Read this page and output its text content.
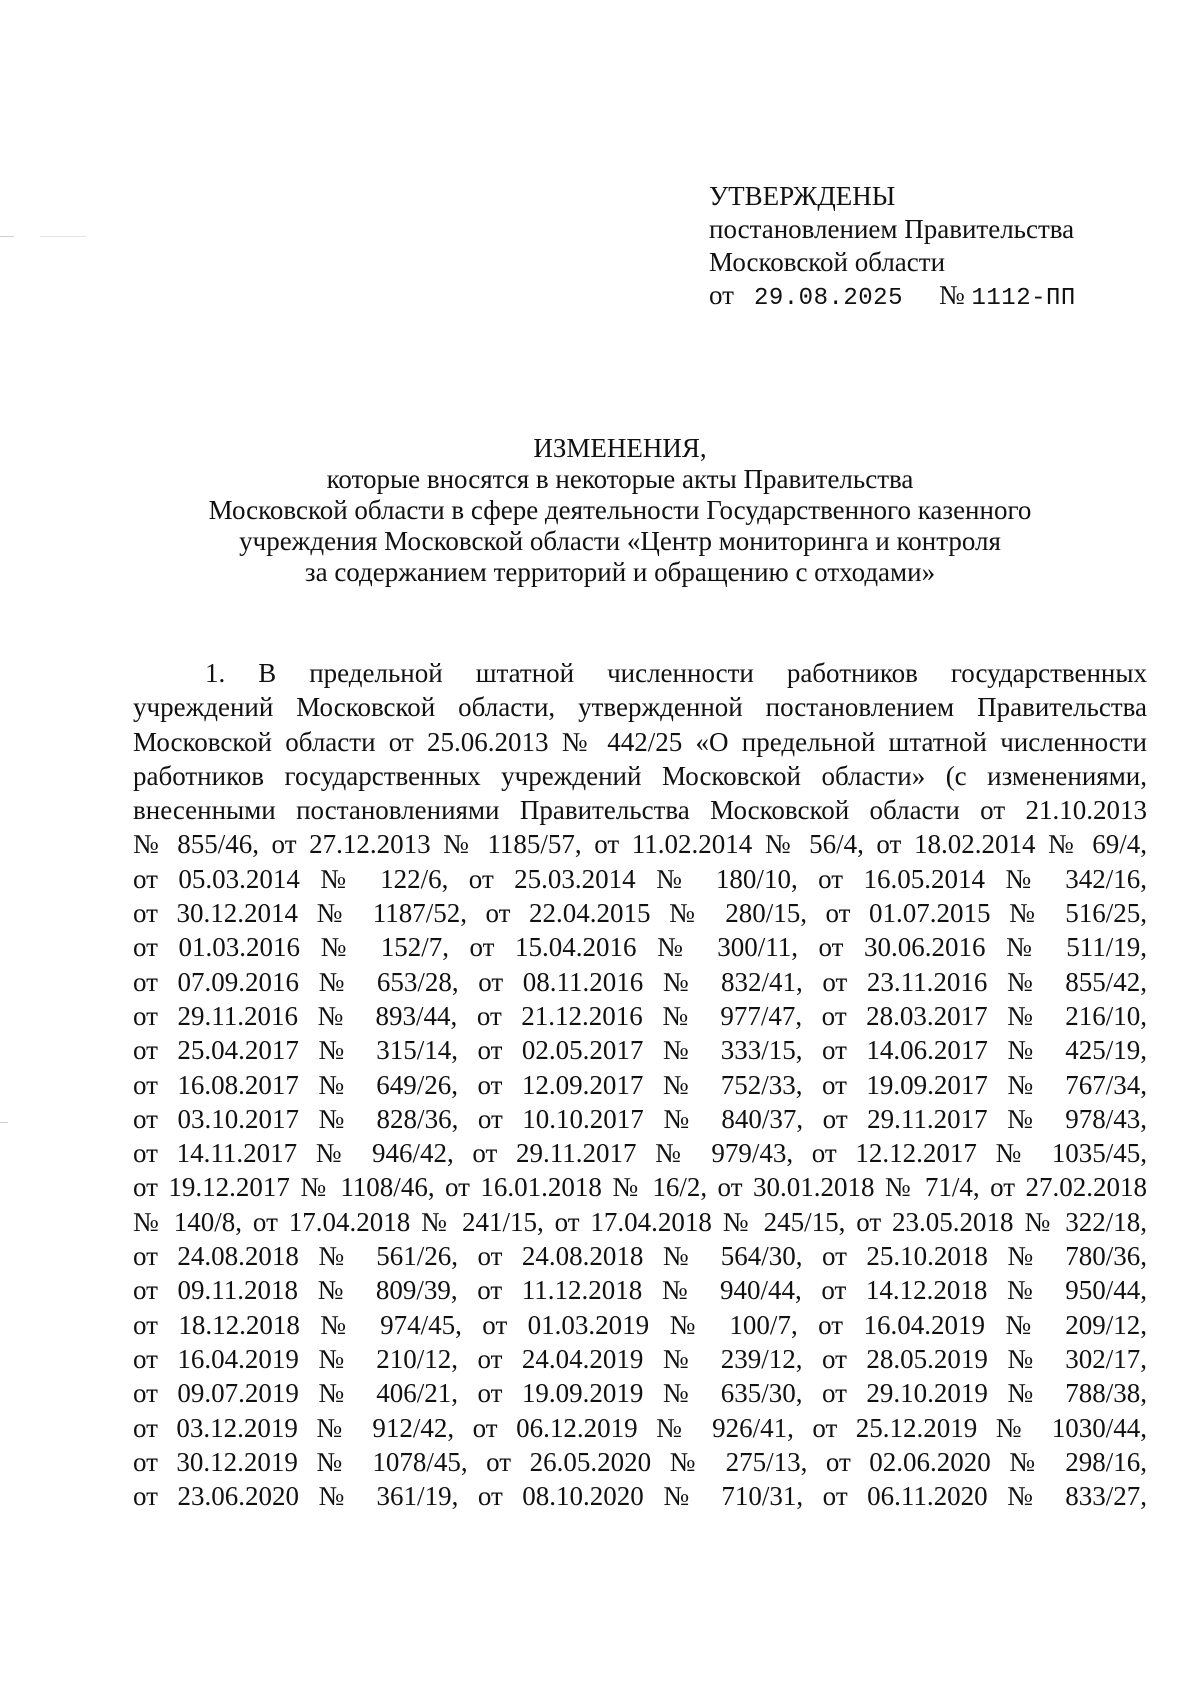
УТВЕРЖДЕНЫ
постановлением Правительства
Московской области
от 29.08.2025 № 1112-ПП
ИЗМЕНЕНИЯ,
которые вносятся в некоторые акты Правительства
Московской области в сфере деятельности Государственного казенного
учреждения Московской области «Центр мониторинга и контроля
за содержанием территорий и обращению с отходами»
1. В предельной штатной численности работников государственных
учреждений Московской области, утвержденной постановлением Правительства
Московской области от 25.06.2013 № 442/25 «О предельной штатной численности
работников государственных учреждений Московской области» (с изменениями,
внесенными постановлениями Правительства Московской области от 21.10.2013
№ 855/46, от 27.12.2013 № 1185/57, от 11.02.2014 № 56/4, от 18.02.2014 № 69/4,
от 05.03.2014 № 122/6, от 25.03.2014 № 180/10, от 16.05.2014 № 342/16,
от 30.12.2014 № 1187/52, от 22.04.2015 № 280/15, от 01.07.2015 № 516/25,
от 01.03.2016 № 152/7, от 15.04.2016 № 300/11, от 30.06.2016 № 511/19,
от 07.09.2016 № 653/28, от 08.11.2016 № 832/41, от 23.11.2016 № 855/42,
от 29.11.2016 № 893/44, от 21.12.2016 № 977/47, от 28.03.2017 № 216/10,
от 25.04.2017 № 315/14, от 02.05.2017 № 333/15, от 14.06.2017 № 425/19,
от 16.08.2017 № 649/26, от 12.09.2017 № 752/33, от 19.09.2017 № 767/34,
от 03.10.2017 № 828/36, от 10.10.2017 № 840/37, от 29.11.2017 № 978/43,
от 14.11.2017 № 946/42, от 29.11.2017 № 979/43, от 12.12.2017 № 1035/45,
от 19.12.2017 № 1108/46, от 16.01.2018 № 16/2, от 30.01.2018 № 71/4, от 27.02.2018
№ 140/8, от 17.04.2018 № 241/15, от 17.04.2018 № 245/15, от 23.05.2018 № 322/18,
от 24.08.2018 № 561/26, от 24.08.2018 № 564/30, от 25.10.2018 № 780/36,
от 09.11.2018 № 809/39, от 11.12.2018 № 940/44, от 14.12.2018 № 950/44,
от 18.12.2018 № 974/45, от 01.03.2019 № 100/7, от 16.04.2019 № 209/12,
от 16.04.2019 № 210/12, от 24.04.2019 № 239/12, от 28.05.2019 № 302/17,
от 09.07.2019 № 406/21, от 19.09.2019 № 635/30, от 29.10.2019 № 788/38,
от 03.12.2019 № 912/42, от 06.12.2019 № 926/41, от 25.12.2019 № 1030/44,
от 30.12.2019 № 1078/45, от 26.05.2020 № 275/13, от 02.06.2020 № 298/16,
от 23.06.2020 № 361/19, от 08.10.2020 № 710/31, от 06.11.2020 № 833/27,
